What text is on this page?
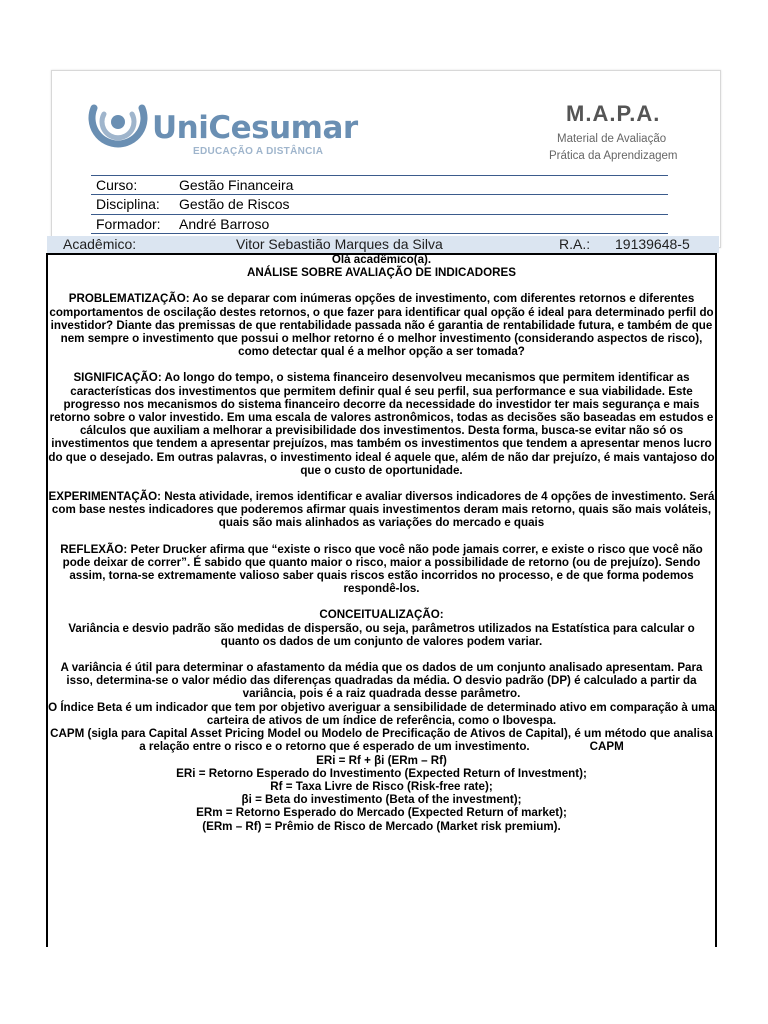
UniCesumar
EDUCAÇÃO A DISTÂNCIA
M.A.P.A.
Material de Avaliação
Prática da Aprendizagem
Curso:	Gestão Financeira
Disciplina: Gestão de Riscos
Formador: André Barroso
Acadêmico:	Vitor Sebastião Marques da Silva	R.A.: 19139648-5

Olá acadêmico(a).

ANÁLISE SOBRE AVALIAÇÃO DE INDICADORES

PROBLEMATIZAÇÃO: Ao se deparar com inúmeras opções de investimento, com diferentes retornos e diferentes comportamentos de oscilação destes retornos, o que fazer para identificar qual opção é ideal para determinado perfil do investidor? Diante das premissas de que rentabilidade passada não é garantia de rentabilidade futura, e também de que nem sempre o investimento que possui o melhor retorno é o melhor investimento (considerando aspectos de risco), como detectar qual é a melhor opção a ser tomada?

SIGNIFICAÇÃO: Ao longo do tempo, o sistema financeiro desenvolveu mecanismos que permitem identificar as características dos investimentos que permitem definir qual é seu perfil, sua performance e sua viabilidade. Este progresso nos mecanismos do sistema financeiro decorre da necessidade do investidor ter mais segurança e mais retorno sobre o valor investido. Em uma escala de valores astronômicos, todas as decisões são baseadas em estudos e cálculos que auxiliam a melhorar a previsibilidade dos investimentos. Desta forma, busca-se evitar não só os investimentos que tendem a apresentar prejuízos, mas também os investimentos que tendem a apresentar menos lucro do que o desejado. Em outras palavras, o investimento ideal é aquele que, além de não dar prejuízo, é mais vantajoso do que o custo de oportunidade.

EXPERIMENTAÇÃO: Nesta atividade, iremos identificar e avaliar diversos indicadores de 4 opções de investimento. Será com base nestes indicadores que poderemos afirmar quais investimentos deram mais retorno, quais são mais voláteis, quais são mais alinhados as variações do mercado e quais

REFLEXÃO: Peter Drucker afirma que “existe o risco que você não pode jamais correr, e existe o risco que você não pode deixar de correr”. É sabido que quanto maior o risco, maior a possibilidade de retorno (ou de prejuízo). Sendo assim, torna-se extremamente valioso saber quais riscos estão incorridos no processo, e de que forma podemos respondê-los.

CONCEITUALIZAÇÃO:

Variância e desvio padrão são medidas de dispersão, ou seja, parâmetros utilizados na Estatística para calcular o quanto os dados de um conjunto de valores podem variar.

A variância é útil para determinar o afastamento da média que os dados de um conjunto analisado apresentam. Para isso, determina-se o valor médio das diferenças quadradas da média. O desvio padrão (DP) é calculado a partir da variância, pois é a raiz quadrada desse parâmetro.

O Índice Beta é um indicador que tem por objetivo averiguar a sensibilidade de determinado ativo em comparação à uma carteira de ativos de um índice de referência, como o Ibovespa.

CAPM (sigla para Capital Asset Pricing Model ou Modelo de Precificação de Ativos de Capital), é um método que analisa a relação entre o risco e o retorno que é esperado de um investimento.	CAPM

ERi = Rf + βi (ERm – Rf)

ERi = Retorno Esperado do Investimento (Expected Return of Investment);

Rf = Taxa Livre de Risco (Risk-free rate);

βi = Beta do investimento (Beta of the investment);

ERm = Retorno Esperado do Mercado (Expected Return of market);

(ERm – Rf) = Prêmio de Risco de Mercado (Market risk premium).
